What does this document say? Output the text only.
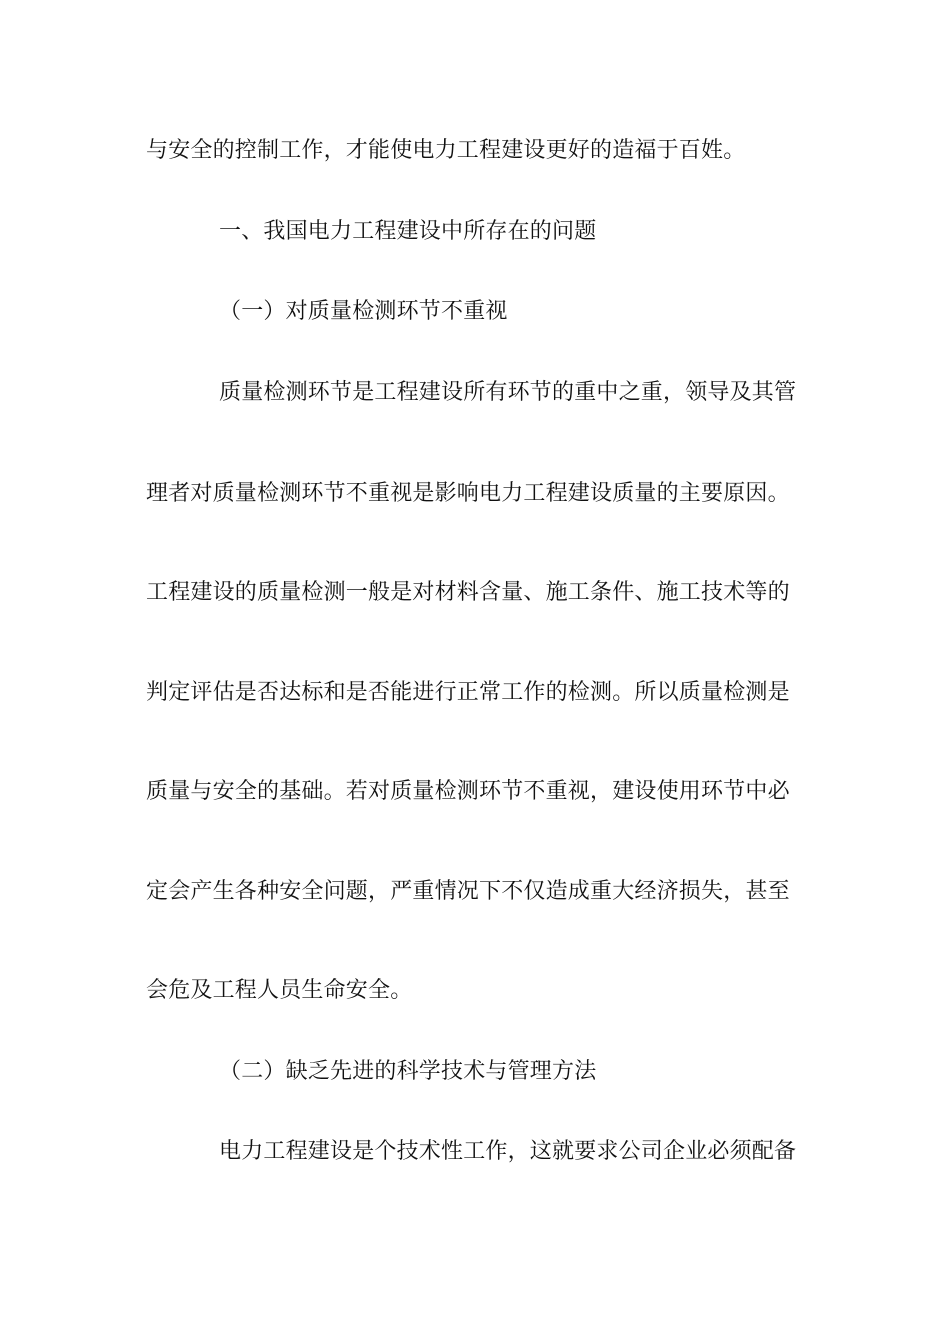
与安全的控制工作，才能使电力工程建设更好的造福于百姓。
一、我国电力工程建设中所存在的问题
（一）对质量检测环节不重视
质量检测环节是工程建设所有环节的重中之重，领导及其管
理者对质量检测环节不重视是影响电力工程建设质量的主要原因。
工程建设的质量检测一般是对材料含量、施工条件、施工技术等的
判定评估是否达标和是否能进行正常工作的检测。所以质量检测是
质量与安全的基础。若对质量检测环节不重视，建设使用环节中必
定会产生各种安全问题，严重情况下不仅造成重大经济损失，甚至
会危及工程人员生命安全。
（二）缺乏先进的科学技术与管理方法
电力工程建设是个技术性工作，这就要求公司企业必须配备
